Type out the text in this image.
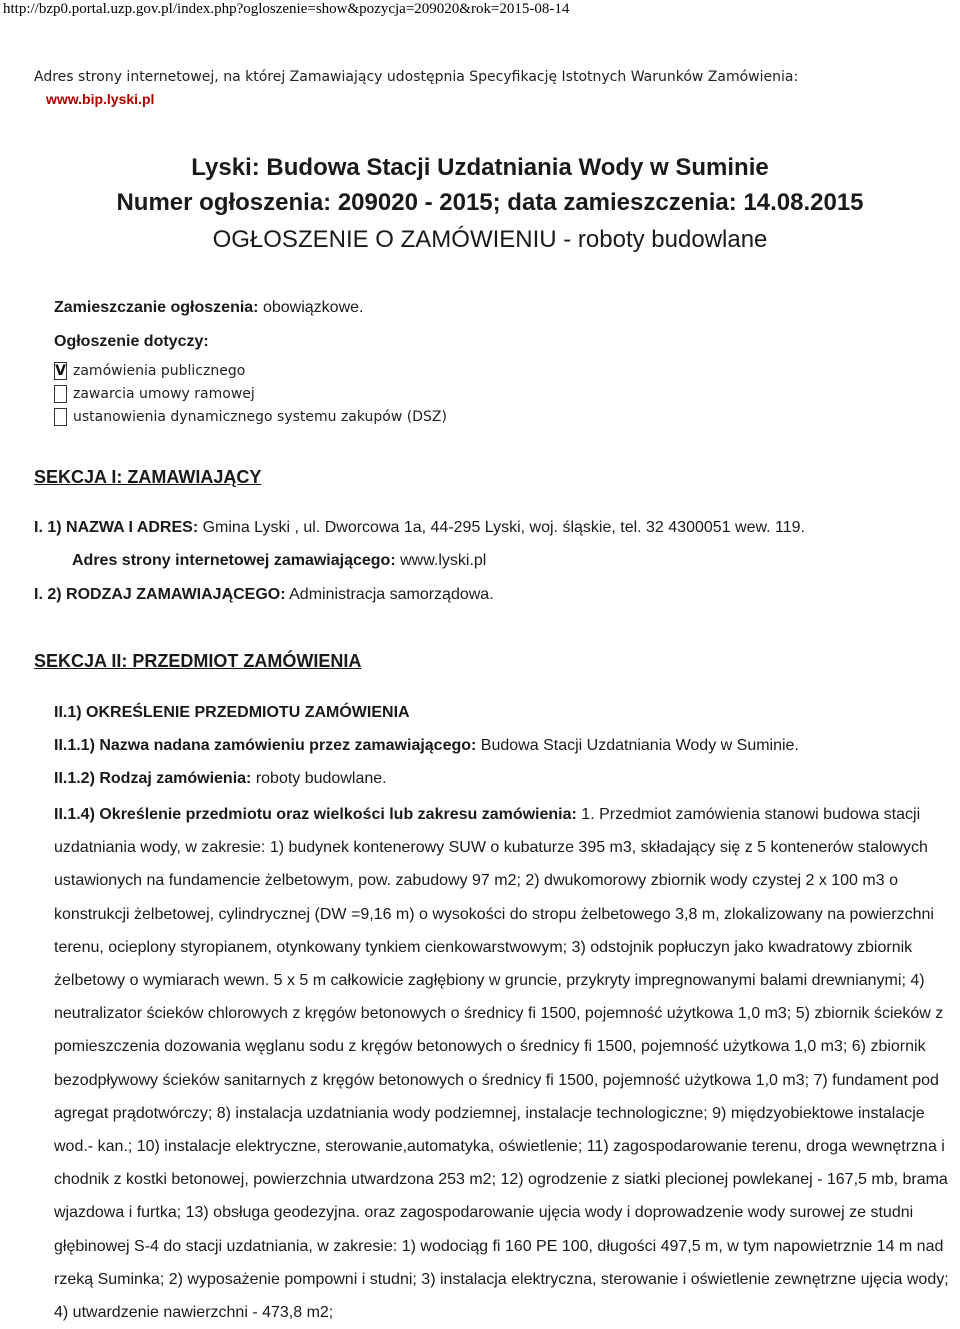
http://bzp0.portal.uzp.gov.pl/index.php?ogloszenie=show&pozycja=209020&rok=2015-08-14
Adres strony internetowej, na której Zamawiający udostępnia Specyfikację Istotnych Warunków Zamówienia:
www.bip.lyski.pl
Lyski: Budowa Stacji Uzdatniania Wody w Suminie
Numer ogłoszenia: 209020 - 2015; data zamieszczenia: 14.08.2015
OGŁOSZENIE O ZAMÓWIENIU - roboty budowlane
Zamieszczanie ogłoszenia: obowiązkowe.
Ogłoszenie dotyczy:
V zamówienia publicznego
zawarcia umowy ramowej
ustanowienia dynamicznego systemu zakupów (DSZ)
SEKCJA I: ZAMAWIAJĄCY
I. 1) NAZWA I ADRES: Gmina Lyski , ul. Dworcowa 1a, 44-295 Lyski, woj. śląskie, tel. 32 4300051 wew. 119.
Adres strony internetowej zamawiającego: www.lyski.pl
I. 2) RODZAJ ZAMAWIAJĄCEGO: Administracja samorządowa.
SEKCJA II: PRZEDMIOT ZAMÓWIENIA
II.1) OKREŚLENIE PRZEDMIOTU ZAMÓWIENIA
II.1.1) Nazwa nadana zamówieniu przez zamawiającego: Budowa Stacji Uzdatniania Wody w Suminie.
II.1.2) Rodzaj zamówienia: roboty budowlane.
II.1.4) Określenie przedmiotu oraz wielkości lub zakresu zamówienia: 1. Przedmiot zamówienia stanowi budowa stacji uzdatniania wody, w zakresie: 1) budynek kontenerowy SUW o kubaturze 395 m3, składający się z 5 kontenerów stalowych ustawionych na fundamencie żelbetowym, pow. zabudowy 97 m2; 2) dwukomorowy zbiornik wody czystej 2 x 100 m3 o konstrukcji żelbetowej, cylindrycznej (DW =9,16 m) o wysokości do stropu żelbetowego 3,8 m, zlokalizowany na powierzchni terenu, ocieplony styropianem, otynkowany tynkiem cienkowarstwowym; 3) odstojnik popłuczyn jako kwadratowy zbiornik żelbetowy o wymiarach wewn. 5 x 5 m całkowicie zagłębiony w gruncie, przykryty impregnowanymi balami drewnianymi; 4) neutralizator ścieków chlorowych z kręgów betonowych o średnicy fi 1500, pojemność użytkowa 1,0 m3; 5) zbiornik ścieków z pomieszczenia dozowania węglanu sodu z kręgów betonowych o średnicy fi 1500, pojemność użytkowa 1,0 m3; 6) zbiornik bezodpływowy ścieków sanitarnych z kręgów betonowych o średnicy fi 1500, pojemność użytkowa 1,0 m3; 7) fundament pod agregat prądotwórczy; 8) instalacja uzdatniania wody podziemnej, instalacje technologiczne; 9) międzyobiektowe instalacje wod.- kan.; 10) instalacje elektryczne, sterowanie,automatyka, oświetlenie; 11) zagospodarowanie terenu, droga wewnętrzna i chodnik z kostki betonowej, powierzchnia utwardzona 253 m2; 12) ogrodzenie z siatki plecionej powlekanej - 167,5 mb, brama wjazdowa i furtka; 13) obsługa geodezyjna. oraz zagospodarowanie ujęcia wody i doprowadzenie wody surowej ze studni głębinowej S-4 do stacji uzdatniania, w zakresie: 1) wodociąg fi 160 PE 100, długości 497,5 m, w tym napowietrznie 14 m nad rzeką Suminka; 2) wyposażenie pompowni i studni; 3) instalacja elektryczna, sterowanie i oświetlenie zewnętrzne ujęcia wody; 4) utwardzenie nawierzchni - 473,8 m2;
